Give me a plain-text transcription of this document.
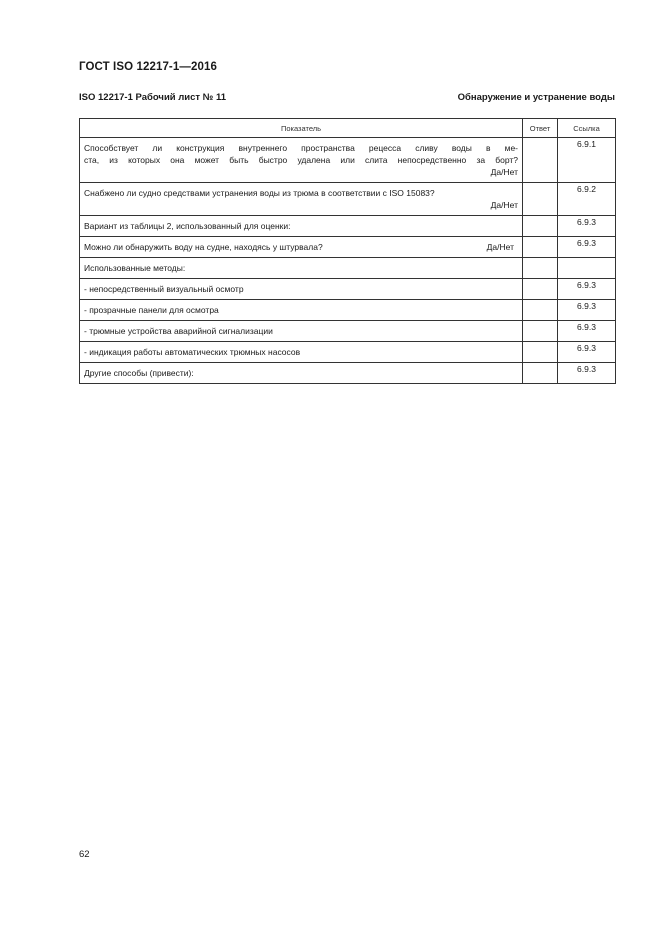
ГОСТ ISO 12217-1—2016
ISO 12217-1 Рабочий лист № 11	Обнаружение и устранение воды
Показатель	Ответ	Ссылка

Способствует ли конструкция внутреннего пространства рецесса сливу воды в ме-
ста, из которых она может быть быстро удалена или слита непосредственно за борт?
Да/Нет		6.9.1

Снабжено ли судно средствами устранения воды из трюма в соответствии с ISO 15083?
Да/Нет		6.9.2

Вариант из таблицы 2, использованный для оценки:		6.9.3

Можно ли обнаружить воду на судне, находясь у штурвала? Да/Нет		6.9.3

Использованные методы:		

- непосредственный визуальный осмотр		6.9.3

- прозрачные панели для осмотра		6.9.3

- трюмные устройства аварийной сигнализации		6.9.3

- индикация работы автоматических трюмных насосов		6.9.3

Другие способы (привести):		6.9.3
62
